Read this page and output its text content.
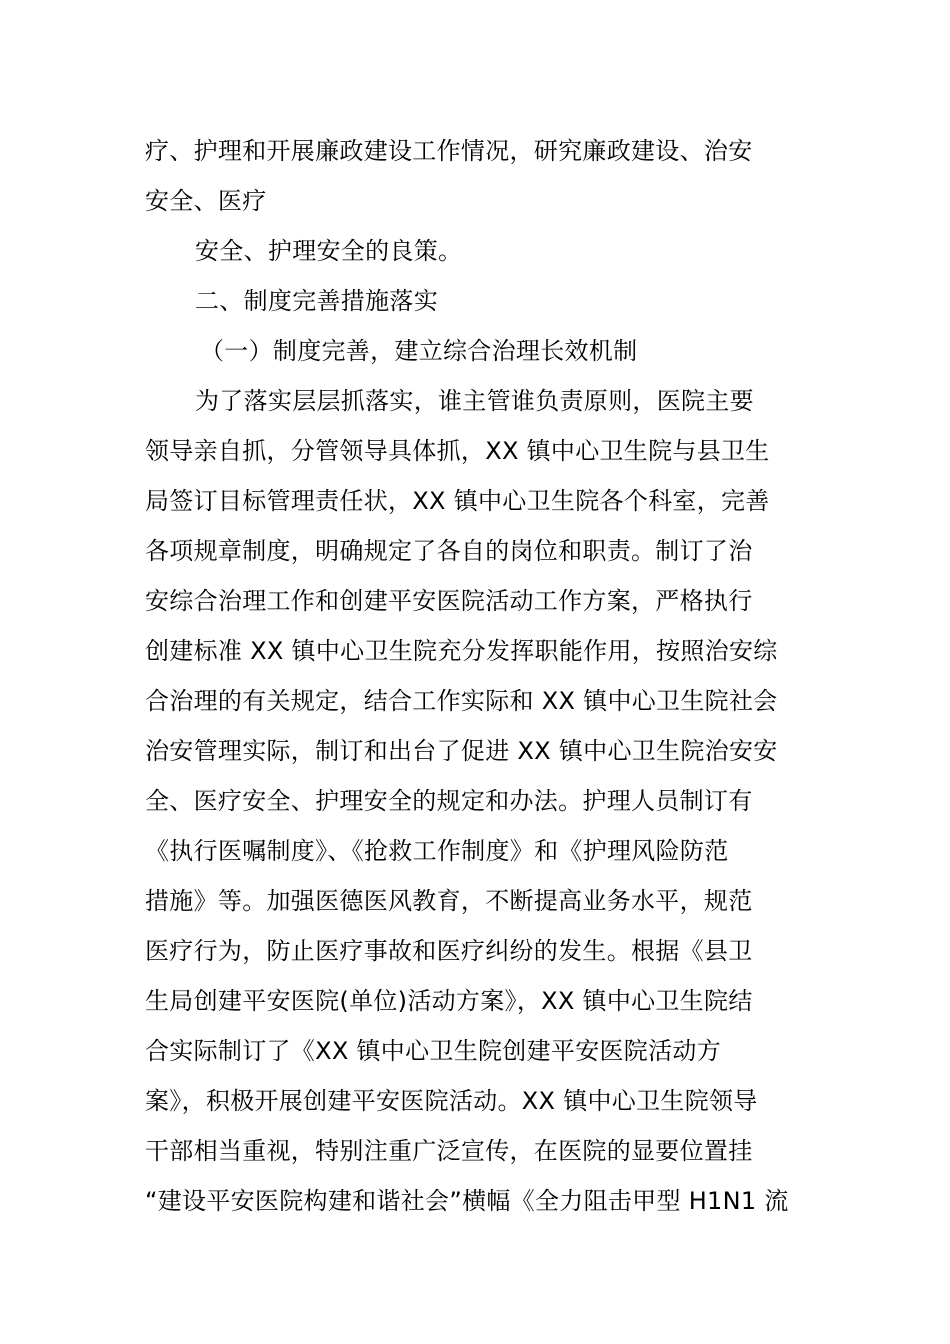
疗、护理和开展廉政建设工作情况，研究廉政建设、治安
安全、医疗
安全、护理安全的良策。
二、制度完善措施落实
（一）制度完善，建立综合治理长效机制
为了落实层层抓落实，谁主管谁负责原则，医院主要
领导亲自抓，分管领导具体抓，XX 镇中心卫生院与县卫生
局签订目标管理责任状，XX 镇中心卫生院各个科室，完善
各项规章制度，明确规定了各自的岗位和职责。制订了治
安综合治理工作和创建平安医院活动工作方案，严格执行
创建标准 XX 镇中心卫生院充分发挥职能作用，按照治安综
合治理的有关规定，结合工作实际和 XX 镇中心卫生院社会
治安管理实际，制订和出台了促进 XX 镇中心卫生院治安安
全、医疗安全、护理安全的规定和办法。护理人员制订有
《执行医嘱制度》、《抢救工作制度》和《护理风险防范
措施》等。加强医德医风教育，不断提高业务水平，规范
医疗行为，防止医疗事故和医疗纠纷的发生。根据《县卫
生局创建平安医院(单位)活动方案》，XX 镇中心卫生院结
合实际制订了《XX 镇中心卫生院创建平安医院活动方
案》，积极开展创建平安医院活动。XX 镇中心卫生院领导
干部相当重视，特别注重广泛宣传，在医院的显要位置挂
“建设平安医院构建和谐社会”横幅《全力阻击甲型 H1N1 流
